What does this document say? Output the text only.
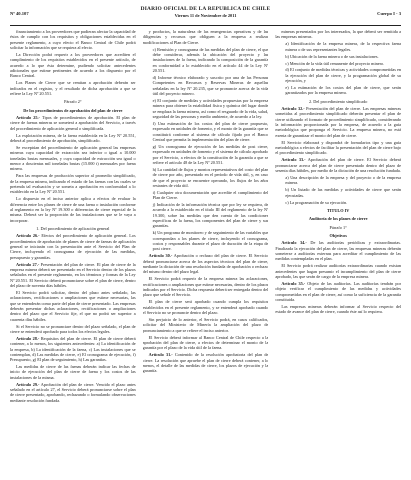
Nº 40.107
DIARIO OFICIAL DE LA REPUBLICA DE CHILE
Viernes 11 de Noviembre de 2011	Cuerpo I - 3

financiamiento a los proveedores que pudieran afectar la capacidad de éstos de cumplir con los requisitos y obligaciones establecidas en el presente reglamento, a cuyo efecto el Banco Central de Chile podrá solicitar la información que se requiera al efecto.

La Dirección podrá requerir a los proveedores que acrediten el cumplimiento de los requisitos establecidos en el presente artículo, de acuerdo a lo que ésta determine, pudiendo solicitar antecedentes adicionales que estime pertinentes de acuerdo a los dispuesto por el Banco Central.

Los Planes de Cierre que se remitan a aprobación deberán ser indicados en el registro, y el resultado de dicha aprobación a que se refiere la Ley Nº 20.551.

Párrafo 2°

De los procedimientos de aprobación del plan de cierre

Artículo 25.- Tipos de procedimientos de aprobación. El plan de cierre de faenas mineras se someterá a aprobación del Servicio, a través del procedimiento de aplicación general o simplificada.

La explotación minera, de la faena establecida en la Ley Nº 20.551, deberá al procedimiento de aprobación, simplificado.

Se exceptúan del procedimiento de aplicación general las empresas mineras cuya capacidad de extracción sea inferior o igual a 10.000 toneladas brutas mensuales, y cuya capacidad de extracción sea igual o menor a doscientas mil toneladas brutas (15.000 t) mensuales por faena minera.

Para las empresas de producción superior al promedio simplificado, de la empresa minera, indicando el estado de las faenas con las cuales se pretenda tal evaluación y se someta a aprobación en conformidad a lo establecido en la Ley Nº 20.551.

Lo dispuesto en el inciso anterior aplica a efectos de evaluar la diferencia entre los planes de cierre de una faena o instalación conforme al reglamento en la ley Nº 19.300 o diferencias de cierre especial de la misma. Deberá ser la proporción de las instalaciones que se le vaya a incorporar.

1. Del procedimiento de aplicación general

Artículo 26.- Efectos del procedimiento de aplicación general. Los procedimientos de aprobación de planes de cierre de faenas de aplicación general se iniciarán con la presentación ante el Servicio del Plan de Cierre, incluyendo el cronograma de ejecución de las medidas, presupuesto y garantías.

Artículo 27.- Presentación del plan de cierre. El plan de cierre de la empresa minera deberá ser presentado en el Servicio dentro de los plazos señalados en el presente reglamento, en los términos y formas de la Ley Nº 20.551. El Servicio deberá pronunciarse sobre el plan de cierre, dentro del plazo de noventa días hábiles.

El Servicio podrá solicitar, dentro del plazo antes señalado, las aclaraciones, rectificaciones o ampliaciones que estime necesarias, las que se entenderán como parte del plan de cierre presentado. Las empresas deberán presentar dichas aclaraciones, rectificaciones o ampliaciones dentro del plazo que el Servicio fije, el que no podrá ser superior a cuarenta días hábiles.

Si el Servicio no se pronunciare dentro del plazo señalado, el plan de cierre se entenderá aprobado para todos los efectos legales.

Artículo 28.- Requisitos del plan de cierre. El plan de cierre deberá contener, a lo menos, los siguientes antecedentes: a) La identificación de la empresa, b) La identificación de la faena, c) Las instalaciones que se contemplan, d) Las medidas de cierre, e) El cronograma de ejecución, f) Presupuesto, g) El plan de seguimiento, h) Las garantías.

Las medidas de cierre de las faenas deberán indicar las fechas de inicio de ejecución del plan de cierre de faena y los costos de las instalaciones de la misma.

Artículo 29.- Aprobación del plan de cierre. Vencido el plazo antes señalado en el artículo 27, el Servicio deberá pronunciarse sobre el plan de cierre presentado, aprobando, rechazando o formulando observaciones mediante resolución fundada.

y productos, la naturaleza de las emergencias operativas y de las diligencias y recursos que obliguen a la empresa a realizar modificaciones al Plan de Cierre.

c) Remisión y cronograma de las medidas del plan de cierre, el que debe considerar, además la ubicación del proyecto y las instalaciones de la faena, indicando la composición de la garantía en conformidad a lo establecido en el artículo 44 de la Ley Nº 20.551.

d) Informe técnico elaborado y suscrito por una de las Personas Competentes en Recursos y Reservas Mineras de aquellas señaladas en la ley Nº 20.235, que se pronuncie acerca de la vida útil del proyecto minero.

e) El conjunto de medidas y actividades propuestas por la empresa minera para obtener la estabilidad física y química del lugar donde se emplaza la faena minera, así como el resguardo de la vida, salud, seguridad de las personas y medio ambiente, de acuerdo a la ley.

f) Una estimación de los costos del plan de cierre propuesto, expresado en unidades de fomento, y el monto de la garantía que se constituirá conforme al sistema de cálculo fijado por el Banco Central que permita la implementación del plan de cierre.

g) Un cronograma de ejecución de las medidas de post cierre, expresado en unidades de fomento y el sistema de cálculo aprobado por el Servicio, a efectos de la constitución de la garantía a que se refiere el artículo 48 de la Ley Nº 20.551.

h) La cantidad de flujos y montos representativos del costo del plan de cierre por año, presentado en el período de vida útil, y, en caso de que el proyecto se encuentre operando, los flujos de los años restantes de vida útil.

i) Cualquier otra documentación que acredite el cumplimiento del Plan de Cierre.

j) Indicación de la información técnica que por ley se requiera, de acuerdo a lo establecido en el título III del reglamento de la ley Nº 19.300, sobre las medidas que den cuenta de las condiciones específicas de la faena, los componentes del plan de cierre y sus garantías.

k) Un programa de monitoreo y de seguimiento de las variables que correspondan a los planes de cierre, incluyendo el cronograma, costos y responsables durante el plazo de duración de la etapa de post cierre.

Artículo 30.- Aprobación o rechazo del plan de cierre. El Servicio deberá pronunciarse acerca de los aspectos técnicos del plan de cierre, mediante la dictación de una resolución fundada de aprobación o rechazo del mismo dentro del plazo legal.

El Servicio podrá requerir de la empresa minera las aclaraciones, rectificaciones o ampliaciones que estime necesarias, dentro de los plazos indicados por el Servicio. Dicha respuesta deberá ser entregada dentro del plazo que señale el Servicio.

El plan de cierre será aprobado cuando cumpla los requisitos establecidos en el presente reglamento, y se entenderá aprobado cuando el Servicio no se pronuncie dentro del plazo.

Sin perjuicio de lo anterior, el Servicio podrá, en casos calificados, solicitar del Ministerio de Minería la ampliación del plazo de pronunciamiento a que se refiere el inciso anterior.

El Servicio deberá informar al Banco Central de Chile respecto a la aprobación del plan de cierre, a efectos de determinar el monto de la garantía por el plazo de la vida útil de la faena.

Artículo 31.- Contenido de la resolución aprobatoria del plan de cierre. La resolución que apruebe el plan de cierre deberá contener, a lo menos, el detalle de las medidas de cierre, los plazos de ejecución y la garantía.

mineras presentados por los interesados, la que deberá ser remitida a las empresas mineras.

a) Identificación de la empresa minera, de la respectiva faena minera o de sus representantes legales.

b) Ubicación de la faena minera o de sus instalaciones.

c) Mención de la vida útil remanente del proyecto minero.

d) El conjunto de medidas técnicas y actividades comprometidas en la ejecución del plan de cierre, y la programación global de su ejecución, y

e) La estimación de los costos del plan de cierre, que serán garantizados por la empresa minera.

2. Del procedimiento simplificado

Artículo 32.- Presentación del plan de cierre. Las empresas mineras sometidas al procedimiento simplificado deberán presentar el plan de cierre utilizando el formato de procedimiento simplificado, considerando la información proporcionada por la empresa, de acuerdo a la guía metodológica que proponga el Servicio. La empresa minera, no está exenta de garantizar el monto del plan de cierre.

El Servicio elaborará y dispondrá de formularios tipo y una guía metodológica a efectos de facilitar la presentación del plan de cierre bajo el procedimiento simplificado.

Artículo 33.- Aprobación del plan de cierre. El Servicio deberá pronunciarse acerca del plan de cierre presentado dentro del plazo de sesenta días hábiles, por medio de la dictación de una resolución fundada.

a) Una descripción de la empresa y del proyecto o de la empresa minera.

b) Un listado de las medidas y actividades de cierre que serán ejecutadas.

c) La programación de su ejecución.

TITULO IV

Auditoría de los planes de cierre

Párrafo 1°

Objetivos

Artículo 34.- De las auditorías periódicas y extraordinarias. Finalizada la ejecución del plan de cierre, las empresas mineras deberán someterse a auditorías externas para acreditar el cumplimiento de las medidas contempladas en el plan.

El Servicio podrá realizar auditorías extraordinarias cuando existan antecedentes que hagan presumir el incumplimiento del plan de cierre aprobado, las que serán de cargo de la empresa minera.

Artículo 35.- Objeto de las auditorías. Las auditorías tendrán por objeto verificar el cumplimiento de las medidas y actividades comprometidas en el plan de cierre, así como la suficiencia de la garantía constituida.

Las empresas mineras deberán informar al Servicio respecto del estado de avance del plan de cierre, cuando éste así lo requiera.
